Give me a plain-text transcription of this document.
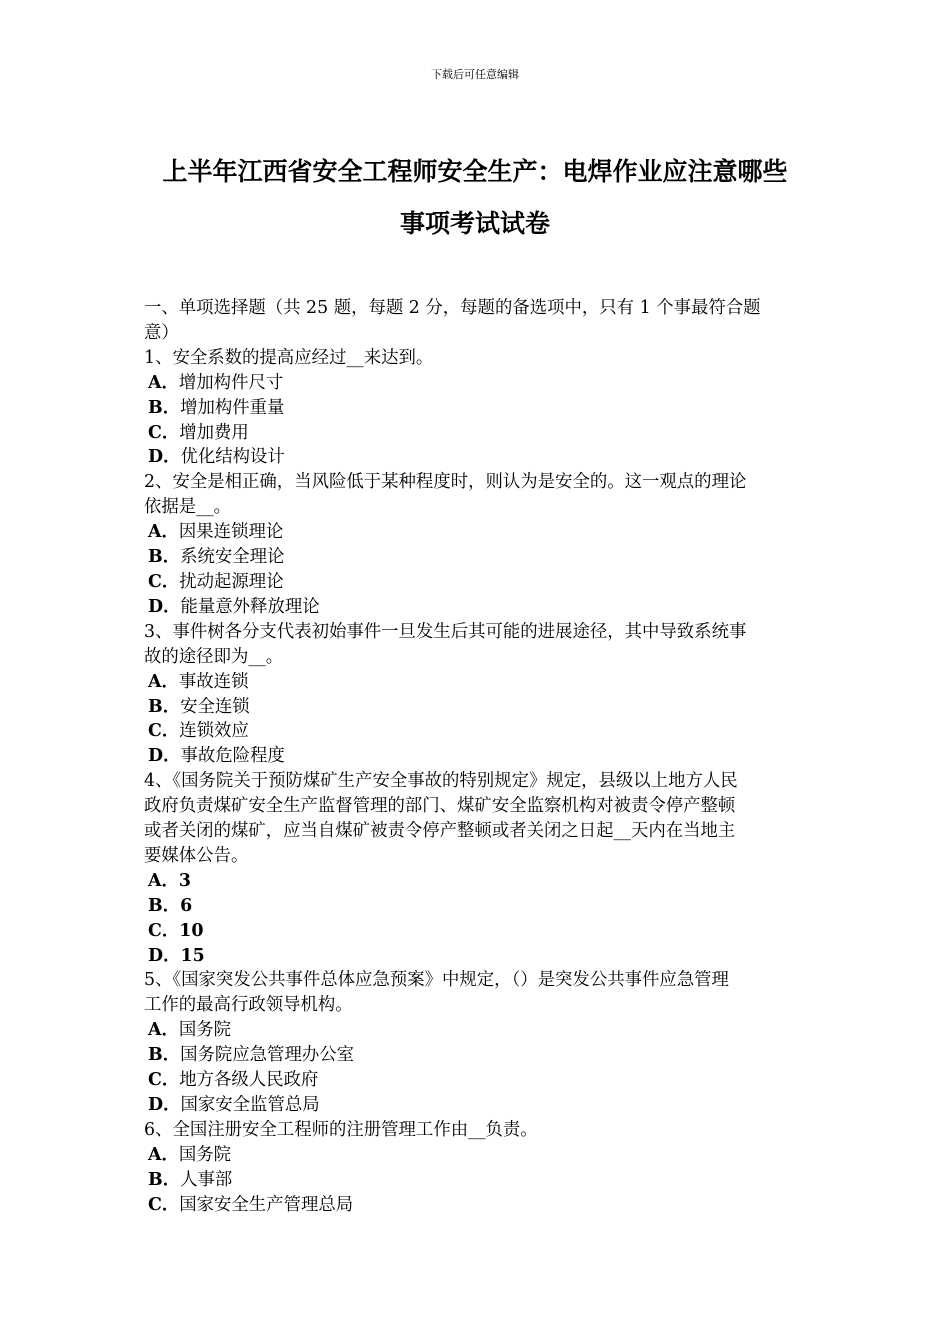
下载后可任意编辑
上半年江西省安全工程师安全生产：电焊作业应注意哪些
事项考试试卷
一、单项选择题（共 25 题，每题 2 分，每题的备选项中，只有 1 个事最符合题
意）
1、安全系数的提高应经过__来达到。
A．增加构件尺寸
B．增加构件重量
C．增加费用
D．优化结构设计
2、安全是相正确，当风险低于某种程度时，则认为是安全的。这一观点的理论
依据是__。
A．因果连锁理论
B．系统安全理论
C．扰动起源理论
D．能量意外释放理论
3、事件树各分支代表初始事件一旦发生后其可能的进展途径，其中导致系统事
故的途径即为__。
A．事故连锁
B．安全连锁
C．连锁效应
D．事故危险程度
4、《国务院关于预防煤矿生产安全事故的特别规定》规定，县级以上地方人民
政府负责煤矿安全生产监督管理的部门、煤矿安全监察机构对被责令停产整顿
或者关闭的煤矿，应当自煤矿被责令停产整顿或者关闭之日起__天内在当地主
要媒体公告。
A．3
B．6
C．10
D．15
5、《国家突发公共事件总体应急预案》中规定，（）是突发公共事件应急管理
工作的最高行政领导机构。
A．国务院
B．国务院应急管理办公室
C．地方各级人民政府
D．国家安全监管总局
6、全国注册安全工程师的注册管理工作由__负责。
A．国务院
B．人事部
C．国家安全生产管理总局
